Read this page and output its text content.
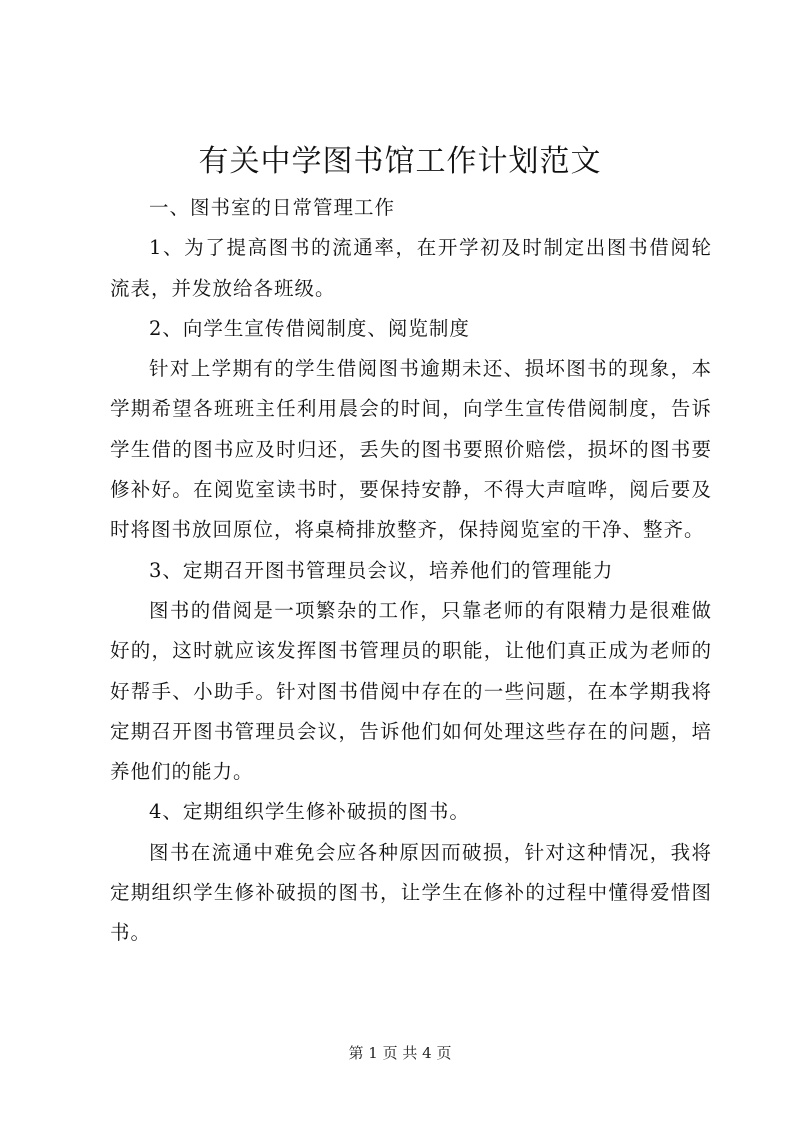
有关中学图书馆工作计划范文

一、图书室的日常管理工作

1、为了提高图书的流通率，在开学初及时制定出图书借阅轮流表，并发放给各班级。

2、向学生宣传借阅制度、阅览制度

针对上学期有的学生借阅图书逾期未还、损坏图书的现象，本学期希望各班班主任利用晨会的时间，向学生宣传借阅制度，告诉学生借的图书应及时归还，丢失的图书要照价赔偿，损坏的图书要修补好。在阅览室读书时，要保持安静，不得大声喧哗，阅后要及时将图书放回原位，将桌椅排放整齐，保持阅览室的干净、整齐。

3、定期召开图书管理员会议，培养他们的管理能力

图书的借阅是一项繁杂的工作，只靠老师的有限精力是很难做好的，这时就应该发挥图书管理员的职能，让他们真正成为老师的好帮手、小助手。针对图书借阅中存在的一些问题，在本学期我将定期召开图书管理员会议，告诉他们如何处理这些存在的问题，培养他们的能力。

4、定期组织学生修补破损的图书。

图书在流通中难免会应各种原因而破损，针对这种情况，我将定期组织学生修补破损的图书，让学生在修补的过程中懂得爱惜图书。

第 1 页 共 4 页
